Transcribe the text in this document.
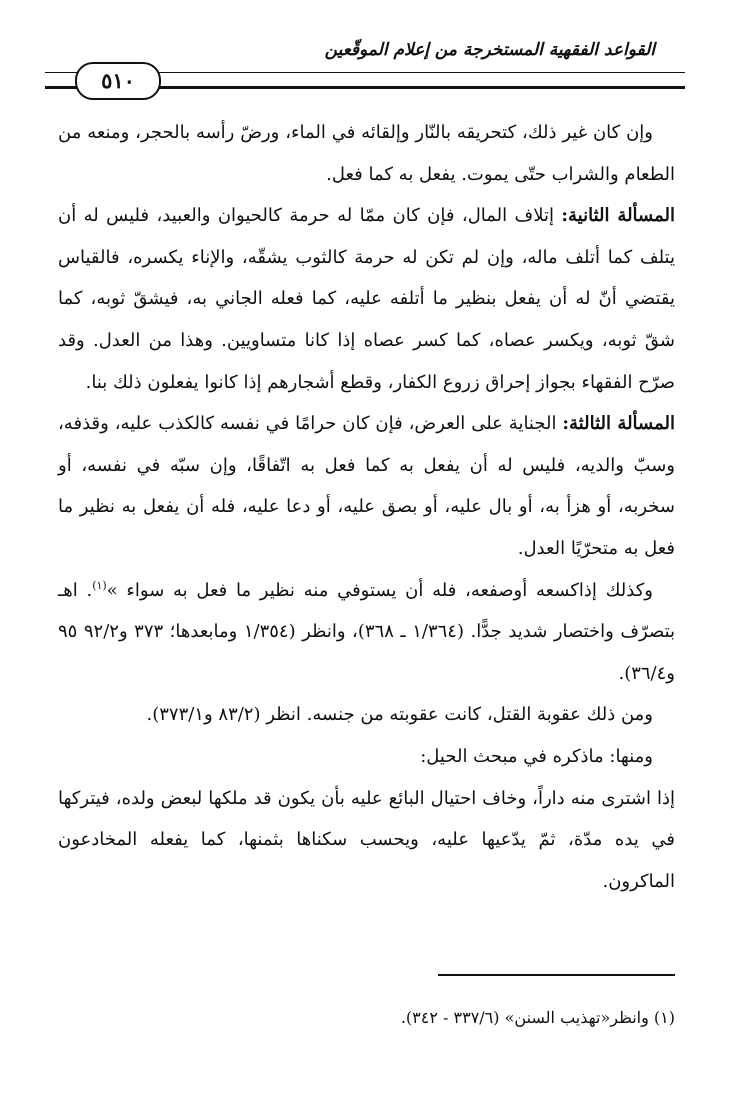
القواعد الفقهية المستخرجة من إعلام الموقّعين
٥١٠

وإن كان غير ذلك، كتحريقه بالنّار وإلقائه في الماء، ورضّ رأسه بالحجر، ومنعه من الطعام والشراب حتّى يموت. يفعل به كما فعل.

المسألة الثانية: إتلاف المال، فإن كان ممّا له حرمة كالحيوان والعبيد، فليس له أن يتلف كما أتلف ماله، وإن لم تكن له حرمة كالثوب يشقّه، والإناء يكسره، فالقياس يقتضي أنّ له أن يفعل بنظير ما أتلفه عليه، كما فعله الجاني به، فيشقّ ثوبه، كما شقّ ثوبه، ويكسر عصاه، كما كسر عصاه إذا كانا متساويين. وهذا من العدل. وقد صرّح الفقهاء بجواز إحراق زروع الكفار، وقطع أشجارهم إذا كانوا يفعلون ذلك بنا.

المسألة الثالثة: الجناية على العرض، فإن كان حرامًا في نفسه كالكذب عليه، وقذفه، وسبّ والديه، فليس له أن يفعل به كما فعل به اتّفاقًا، وإن سبّه في نفسه، أو سخربه، أو هزأ به، أو بال عليه، أو بصق عليه، أو دعا عليه، فله أن يفعل به نظير ما فعل به متحرّيًا العدل.

وكذلك إذاكسعه أوصفعه، فله أن يستوفي منه نظير ما فعل به سواء »$^{(١)}$. اهـ بتصرّف واختصار شديد جدًّا. (١/٣٦٤ ـ ٣٦٨)، وانظر (١/٣٥٤ ومابعدها؛ ٣٧٣ و٩٢/٢ ٩٥ و٣٦/٤).

ومن ذلك عقوبة القتل، كانت عقوبته من جنسه. انظر (٨٣/٢ و٣٧٣/١).

ومنها: ماذكره في مبحث الحيل:

إذا اشترى منه داراً، وخاف احتيال البائع عليه بأن يكون قد ملكها لبعض ولده، فيتركها في يده مدّة، ثمّ يدّعيها عليه، ويحسب سكناها بثمنها، كما يفعله المخادعون الماكرون.

(١) وانظر«تهذيب السنن» (٣٣٧/٦ - ٣٤٢).
